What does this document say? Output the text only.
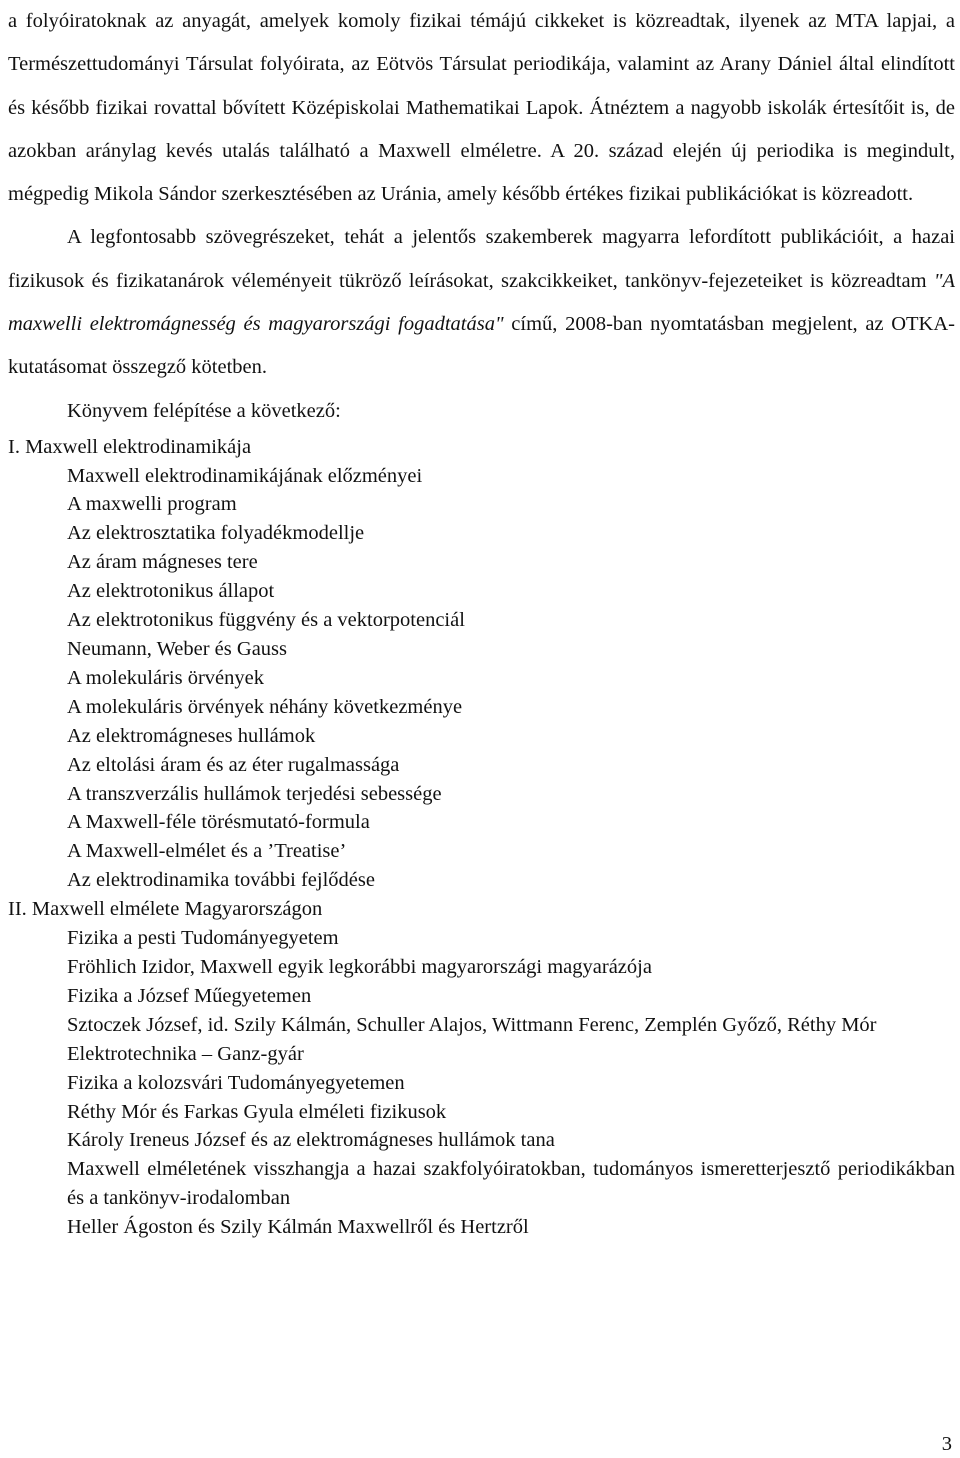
a folyóiratoknak az anyagát, amelyek komoly fizikai témájú cikkeket is közreadtak, ilyenek az MTA lapjai, a Természettudományi Társulat folyóirata, az Eötvös Társulat periodikája, valamint az Arany Dániel által elindított és később fizikai rovattal bővített Középiskolai Mathematikai Lapok. Átnéztem a nagyobb iskolák értesítőit is, de azokban aránylag kevés utalás található a Maxwell elméletre. A 20. század elején új periodika is megindult, mégpedig Mikola Sándor szerkesztésében az Uránia, amely később értékes fizikai publikációkat is közreadott.

A legfontosabb szövegrészeket, tehát a jelentős szakemberek magyarra lefordított publikációit, a hazai fizikusok és fizikatanárok véleményeit tükröző leírásokat, szakcikkeiket, tankönyv-fejezeteiket is közreadtam "A maxwelli elektromágnesség és magyarországi fogadtatása" című, 2008-ban nyomtatásban megjelent, az OTKA-kutatásomat összegző kötetben.

Könyvem felépítése a következő:

I. Maxwell elektrodinamikája
Maxwell elektrodinamikájának előzményei
A maxwelli program
Az elektrosztatika folyadékmodellje
Az áram mágneses tere
Az elektrotonikus állapot
Az elektrotonikus függvény és a vektorpotenciál
Neumann, Weber és Gauss
A molekuláris örvények
A molekuláris örvények néhány következménye
Az elektromágneses hullámok
Az eltolási áram és az éter rugalmassága
A transzverzális hullámok terjedési sebessége
A Maxwell-féle törésmutató-formula
A Maxwell-elmélet és a ’Treatise’
Az elektrodinamika további fejlődése
II. Maxwell elmélete Magyarországon
Fizika a pesti Tudományegyetem
Fröhlich Izidor, Maxwell egyik legkorábbi magyarországi magyarázója
Fizika a József Műegyetemen
Sztoczek József, id. Szily Kálmán, Schuller Alajos, Wittmann Ferenc, Zemplén Győző, Réthy Mór
Elektrotechnika – Ganz-gyár
Fizika a kolozsvári Tudományegyetemen
Réthy Mór és Farkas Gyula elméleti fizikusok
Károly Ireneus József és az elektromágneses hullámok tana
Maxwell elméletének visszhangja a hazai szakfolyóiratokban, tudományos ismeretterjesztő periodikákban és a tankönyv-irodalomban
Heller Ágoston és Szily Kálmán Maxwellről és Hertzről
3
